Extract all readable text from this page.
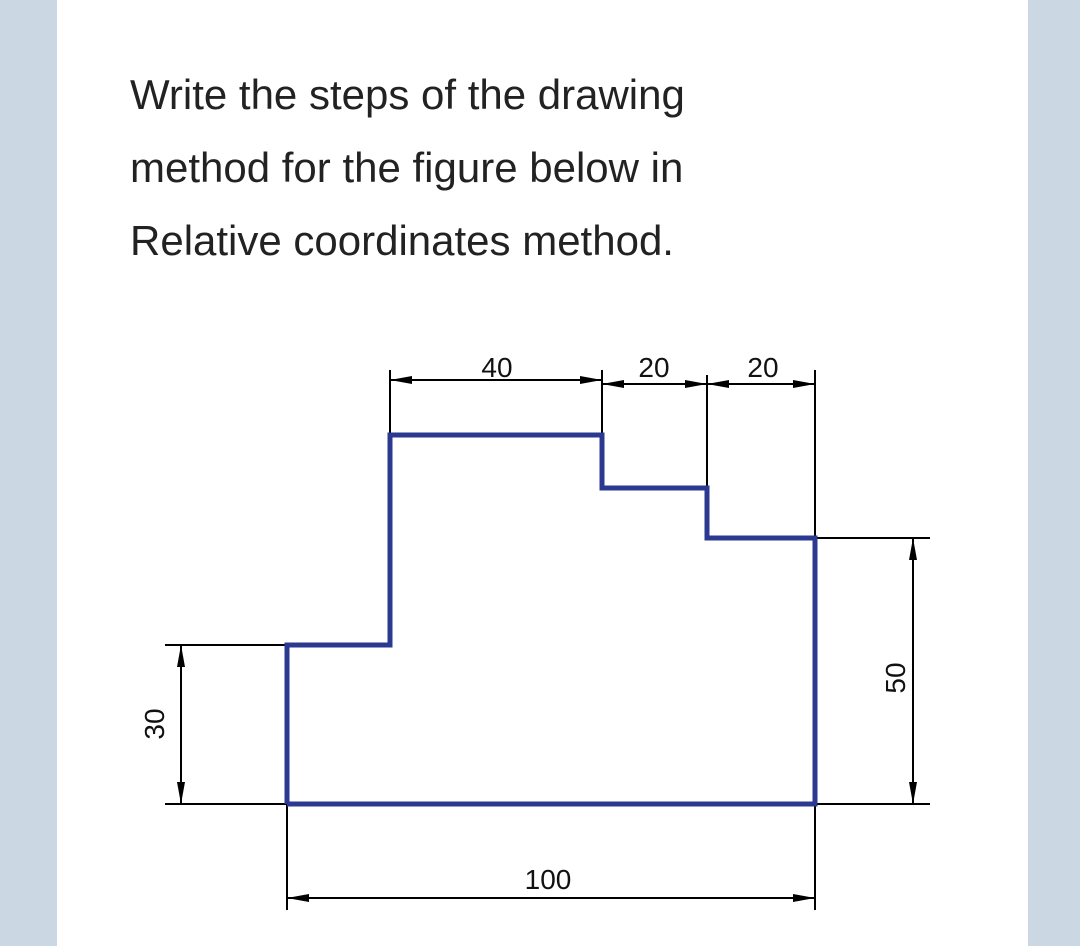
Write the steps of the drawing
method for the figure below in
Relative coordinates method.
40	20	20
100
30
50
